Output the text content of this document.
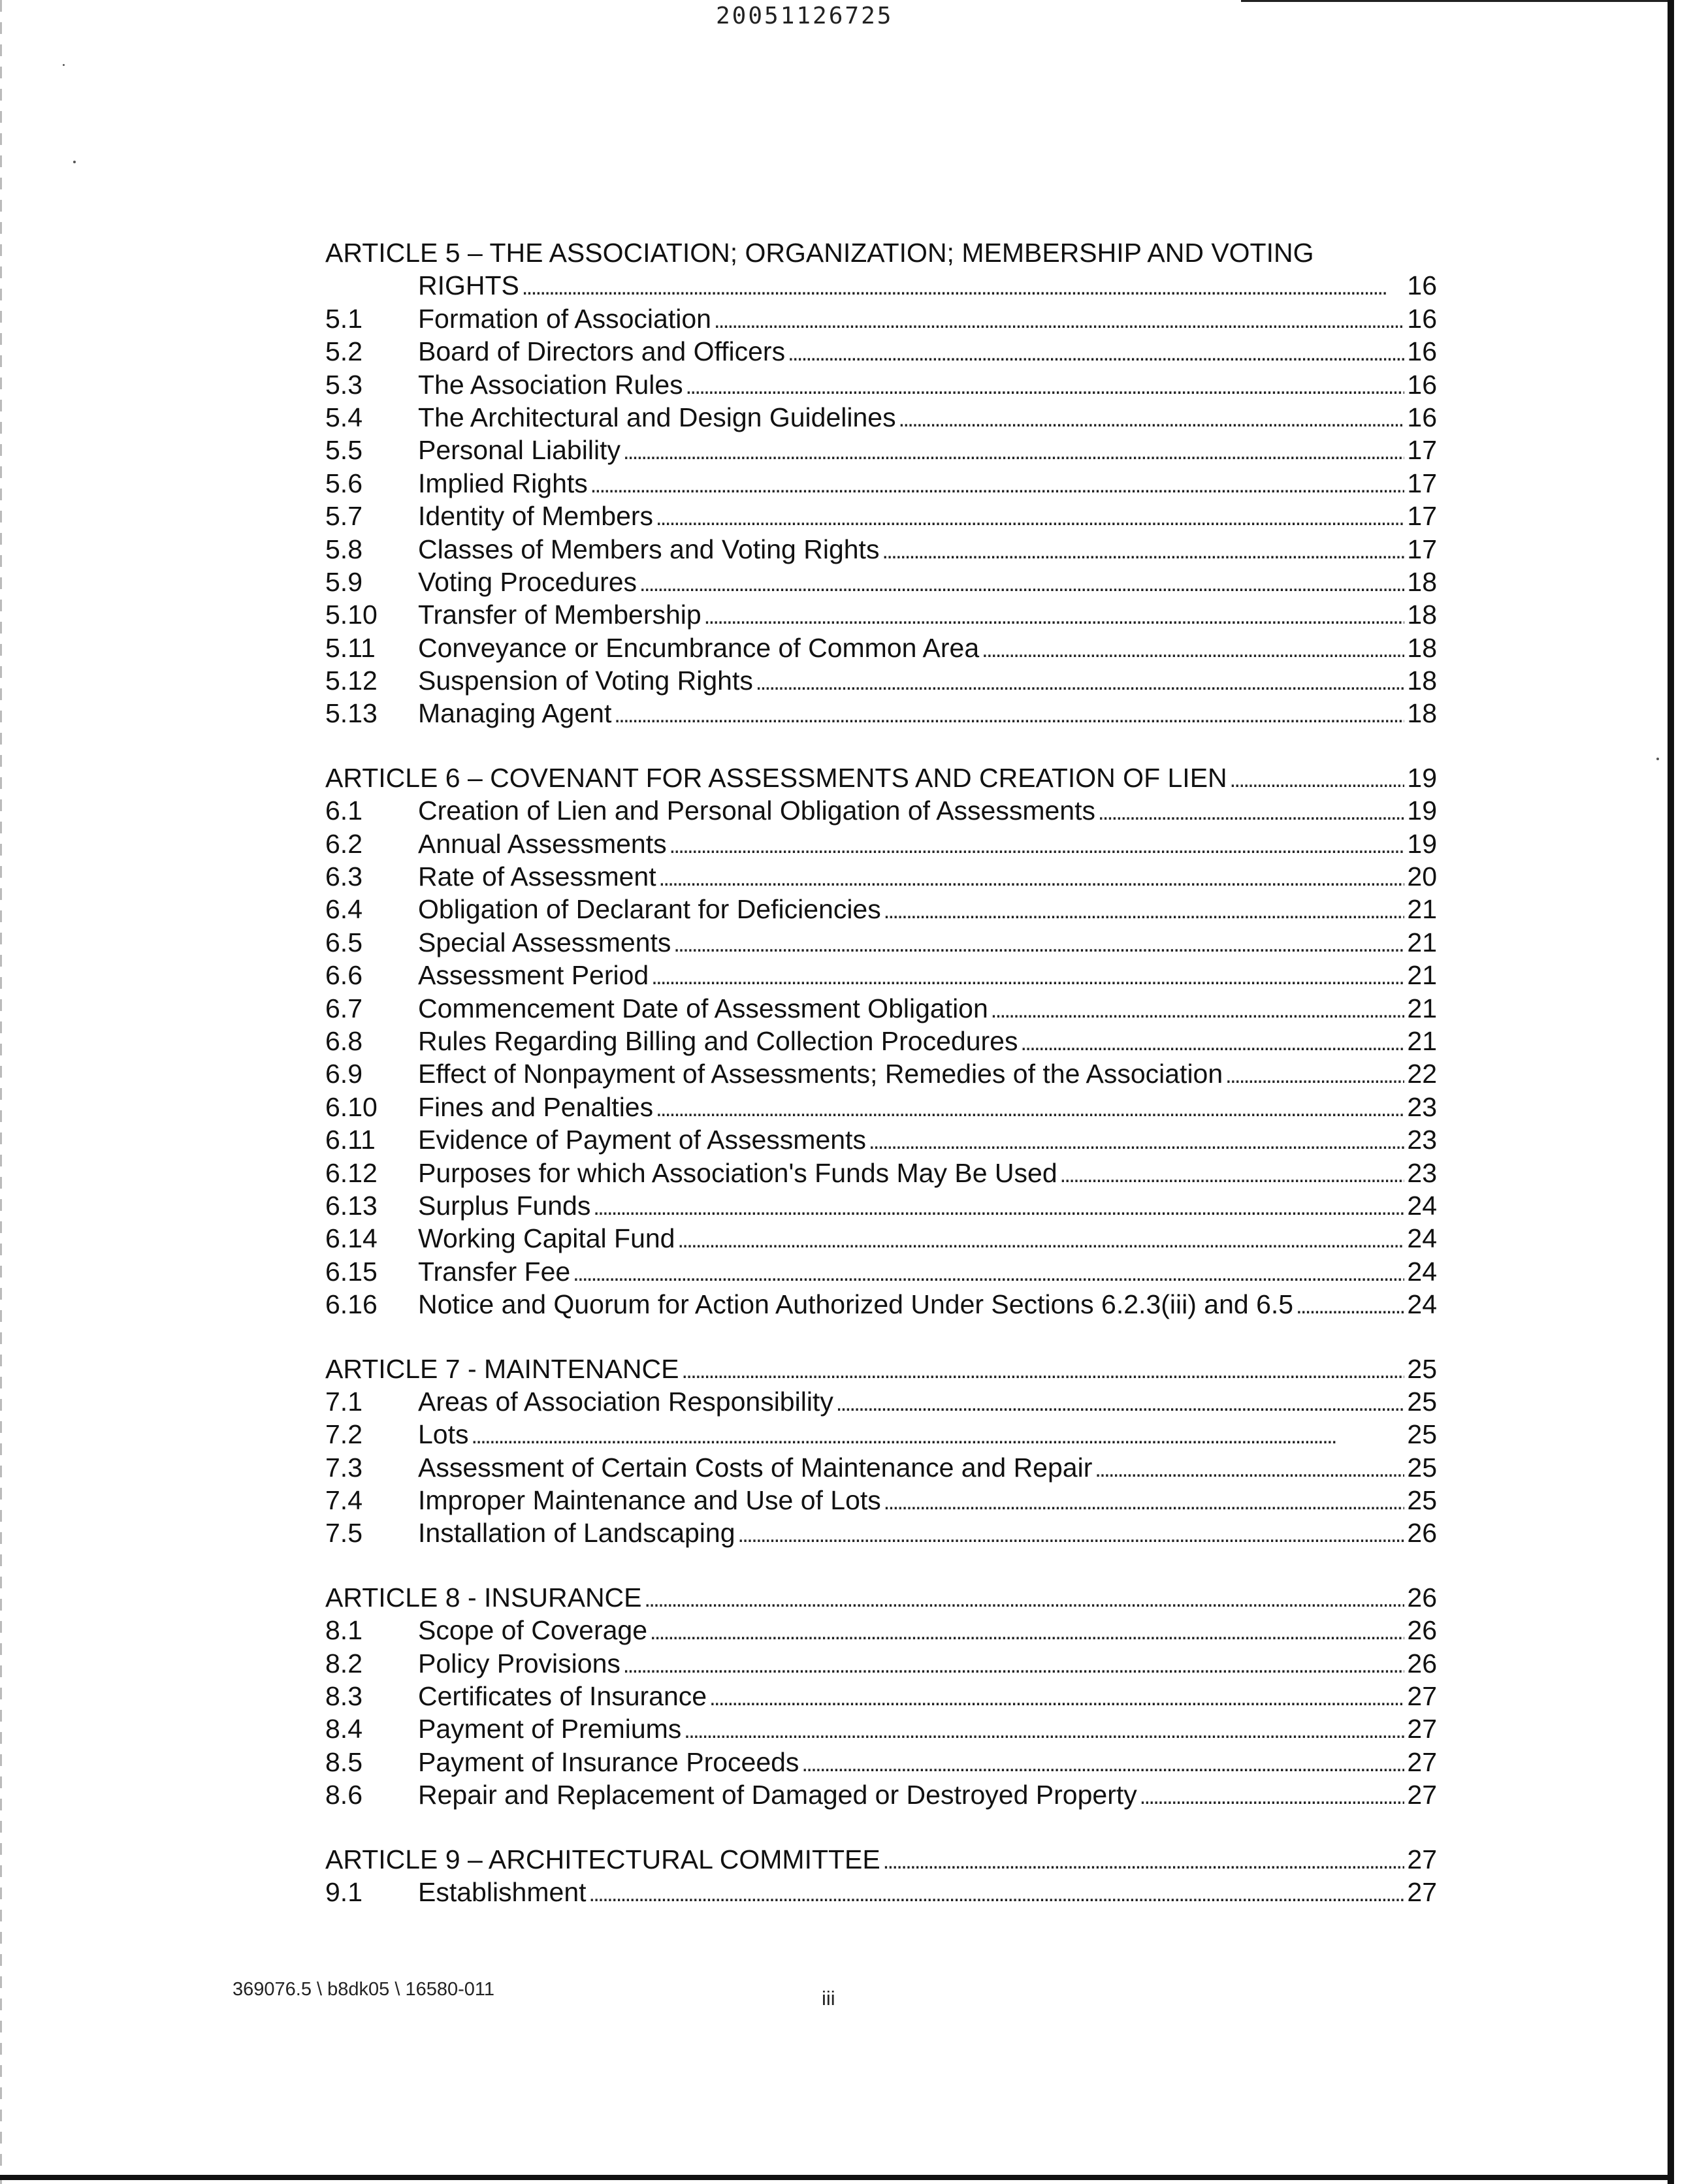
20051126725
ARTICLE 5 – THE ASSOCIATION; ORGANIZATION; MEMBERSHIP AND VOTING
RIGHTS . . .	16
5.1	Formation of Association . . .	16
5.2	Board of Directors and Officers . . .	16
5.3	The Association Rules . . .	16
5.4	The Architectural and Design Guidelines . . .	16
5.5	Personal Liability . . .	17
5.6	Implied Rights . . .	17
5.7	Identity of Members . . .	17
5.8	Classes of Members and Voting Rights . . .	17
5.9	Voting Procedures . . .	18
5.10	Transfer of Membership . . .	18
5.11	Conveyance or Encumbrance of Common Area . . .	18
5.12	Suspension of Voting Rights . . .	18
5.13	Managing Agent . . .	18
ARTICLE 6 – COVENANT FOR ASSESSMENTS AND CREATION OF LIEN . . .	19
6.1	Creation of Lien and Personal Obligation of Assessments . . .	19
6.2	Annual Assessments . . .	19
6.3	Rate of Assessment . . .	20
6.4	Obligation of Declarant for Deficiencies . . .	21
6.5	Special Assessments . . .	21
6.6	Assessment Period . . .	21
6.7	Commencement Date of Assessment Obligation . . .	21
6.8	Rules Regarding Billing and Collection Procedures . . .	21
6.9	Effect of Nonpayment of Assessments; Remedies of the Association . . .	22
6.10	Fines and Penalties . . .	23
6.11	Evidence of Payment of Assessments . . .	23
6.12	Purposes for which Association's Funds May Be Used . . .	23
6.13	Surplus Funds . . .	24
6.14	Working Capital Fund . . .	24
6.15	Transfer Fee . . .	24
6.16	Notice and Quorum for Action Authorized Under Sections 6.2.3(iii) and 6.5 . . .	24
ARTICLE 7 - MAINTENANCE . . .	25
7.1	Areas of Association Responsibility . . .	25
7.2	Lots . . .	25
7.3	Assessment of Certain Costs of Maintenance and Repair . . .	25
7.4	Improper Maintenance and Use of Lots . . .	25
7.5	Installation of Landscaping . . .	26
ARTICLE 8 - INSURANCE . . .	26
8.1	Scope of Coverage . . .	26
8.2	Policy Provisions . . .	26
8.3	Certificates of Insurance . . .	27
8.4	Payment of Premiums . . .	27
8.5	Payment of Insurance Proceeds . . .	27
8.6	Repair and Replacement of Damaged or Destroyed Property . . .	27
ARTICLE 9 – ARCHITECTURAL COMMITTEE . . .	27
9.1	Establishment . . .	27
369076.5 \ b8dk05 \ 16580-011	iii
